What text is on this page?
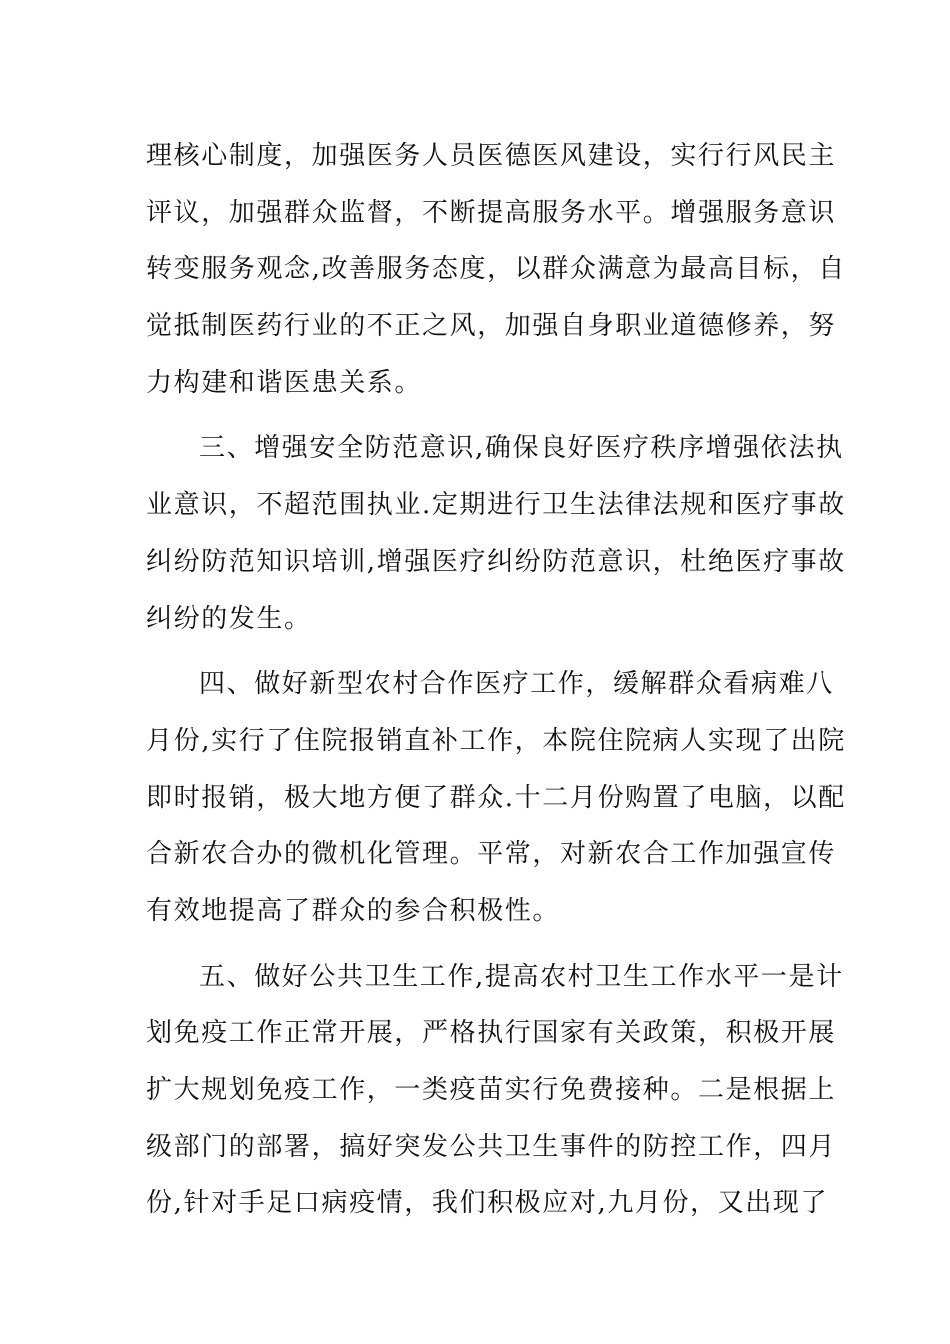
理核心制度，加强医务人员医德医风建设，实行行风民主
评议，加强群众监督，不断提高服务水平。增强服务意识
转变服务观念,改善服务态度，以群众满意为最高目标，自
觉抵制医药行业的不正之风，加强自身职业道德修养，努
力构建和谐医患关系。
三、增强安全防范意识,确保良好医疗秩序增强依法执
业意识，不超范围执业.定期进行卫生法律法规和医疗事故
纠纷防范知识培训,增强医疗纠纷防范意识，杜绝医疗事故
纠纷的发生。
四、做好新型农村合作医疗工作，缓解群众看病难八
月份,实行了住院报销直补工作，本院住院病人实现了出院
即时报销，极大地方便了群众.十二月份购置了电脑，以配
合新农合办的微机化管理。平常，对新农合工作加强宣传
有效地提高了群众的参合积极性。
五、做好公共卫生工作,提高农村卫生工作水平一是计
划免疫工作正常开展，严格执行国家有关政策，积极开展
扩大规划免疫工作，一类疫苗实行免费接种。二是根据上
级部门的部署，搞好突发公共卫生事件的防控工作，四月
份,针对手足口病疫情，我们积极应对,九月份，又出现了
